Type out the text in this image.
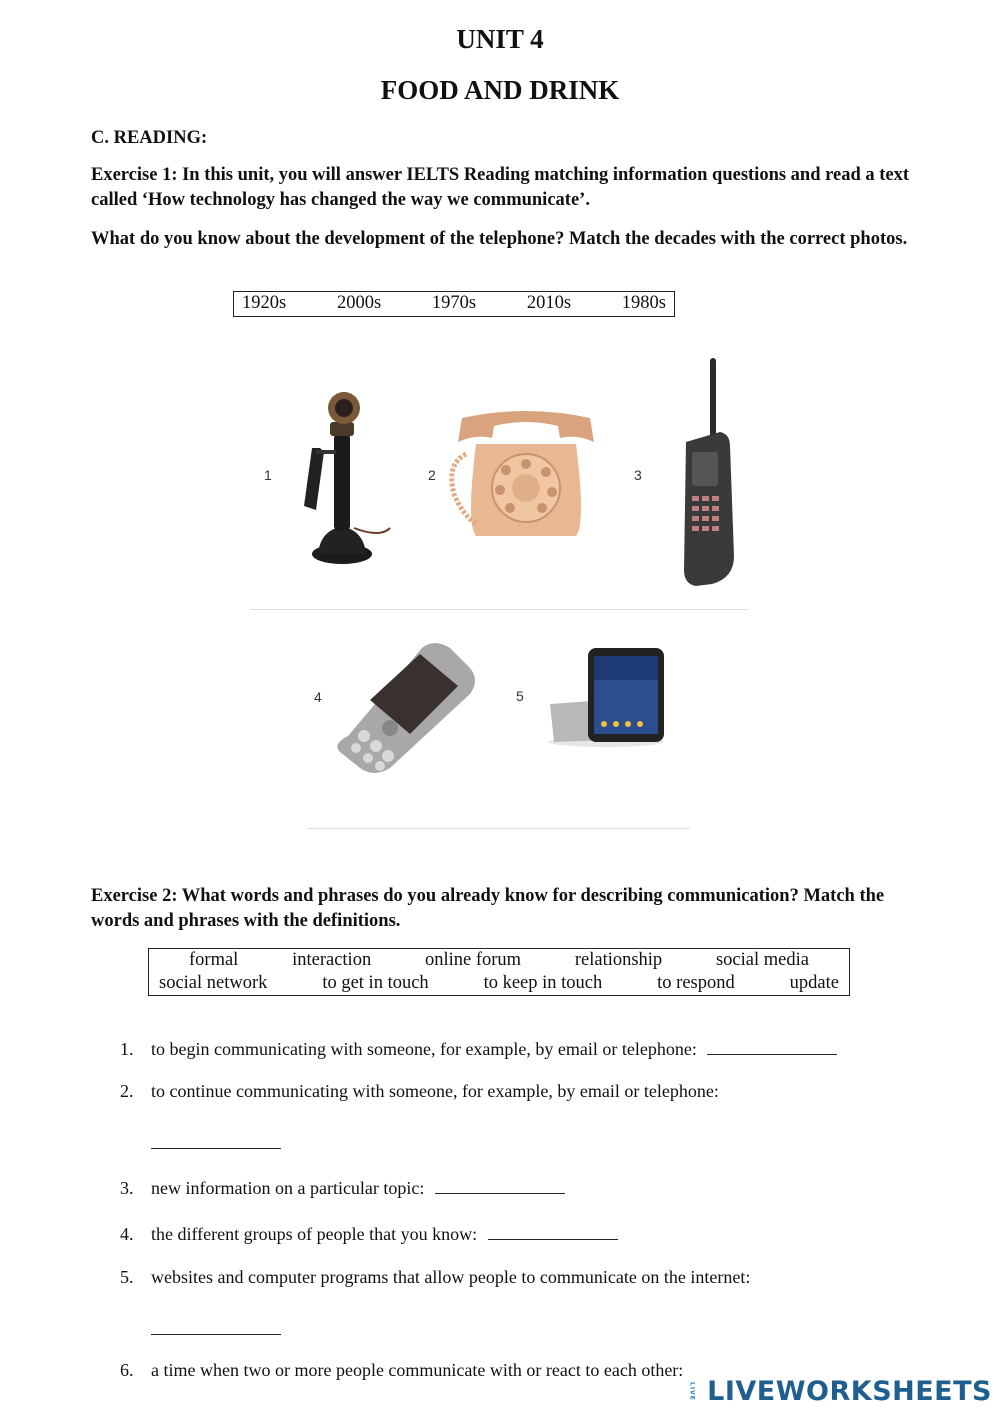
UNIT 4
FOOD AND DRINK
C. READING:
Exercise 1: In this unit, you will answer IELTS Reading matching information questions and read a text called ‘How technology has changed the way we communicate’.
What do you know about the development of the telephone? Match the decades with the correct photos.
1920s	2000s	1970s	2010s	1980s
1	2	3
4	5
Exercise 2: What words and phrases do you already know for describing communication? Match the words and phrases with the definitions.
formal	interaction	online forum	relationship	social media
social network	to get in touch	to keep in touch	to respond	update
1. to begin communicating with someone, for example, by email or telephone:
2. to continue communicating with someone, for example, by email or telephone:
3. new information on a particular topic:
4. the different groups of people that you know:
5. websites and computer programs that allow people to communicate on the internet:
6. a time when two or more people communicate with or react to each other:
LIVE LIVEWORKSHEETS
